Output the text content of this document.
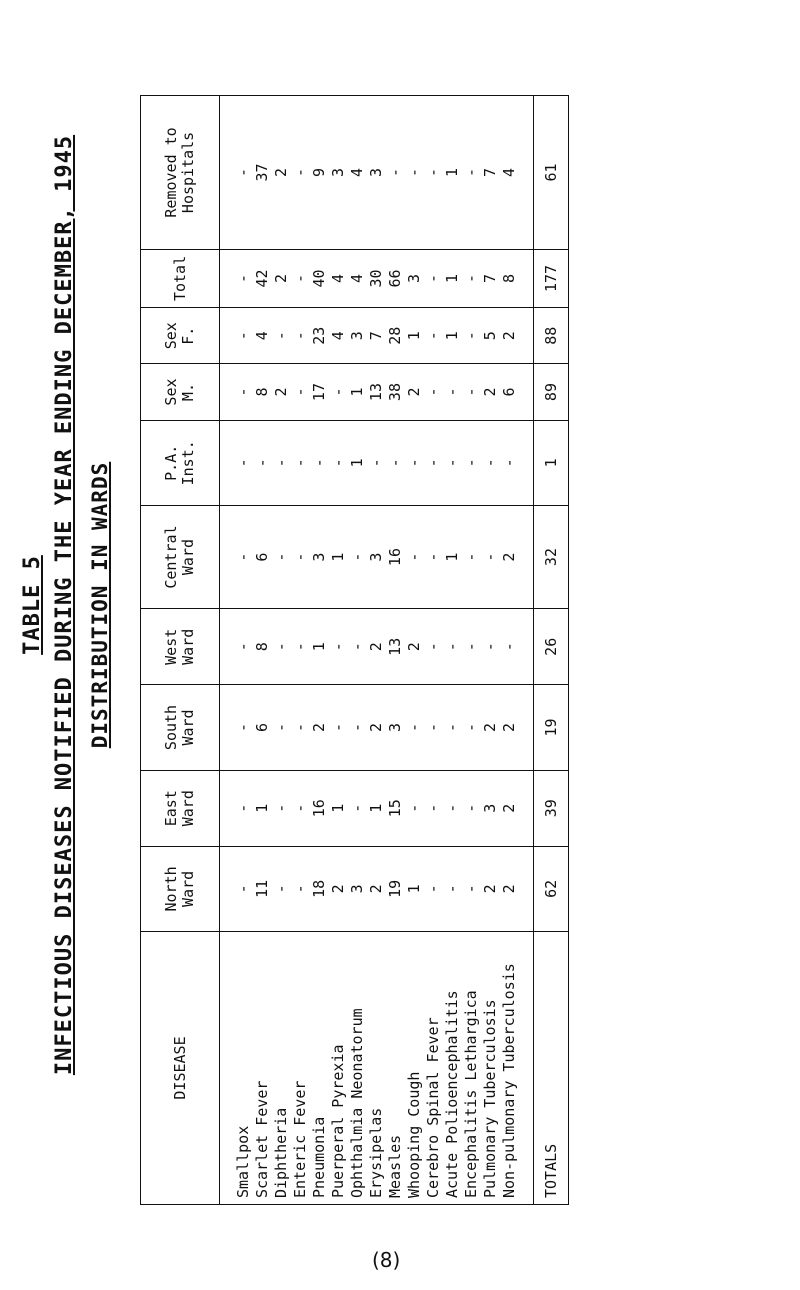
TABLE 5 INFECTIOUS DISEASES NOTIFIED DURING THE YEAR ENDING DECEMBER, 1945 DISTRIBUTION IN WARDS
DISEASE	North Ward	East Ward	South Ward	West Ward	Central Ward	P.A. Inst.	Sex M.	Sex F.	Total	Removed to Hospitals

Smallpox	-	-	-	-	-	-	-	-	-	-
Scarlet Fever	11	1	6	8	6	-	8	4	42	37
Diphtheria	-	-	-	-	-	-	2	-	2	2
Enteric Fever	-	-	-	-	-	-	-	-	-	-
Pneumonia	18	16	2	1	3	-	17	23	40	9
Puerperal Pyrexia	2	1	-	-	1	-	-	4	4	3
Ophthalmia Neonatorum	3	-	-	-	-	1	1	3	4	4
Erysipelas	2	1	2	2	3	-	13	7	30	3
Measles	19	15	3	13	16	-	38	28	66	-
Whooping Cough	1	-	-	2	-	-	2	1	3	-
Cerebro Spinal Fever	-	-	-	-	-	-	-	-	-	-
Acute Polioencephalitis	-	-	-	-	1	-	-	1	1	1
Encephalitis Lethargica	-	-	-	-	-	-	-	-	-	-
Pulmonary Tuberculosis	2	3	2	-	-	-	2	5	7	7
Non-pulmonary Tuberculosis	2	2	2	-	2	-	6	2	8	4

TOTALS	62	39	19	26	32	1	89	88	177	61
(8)
